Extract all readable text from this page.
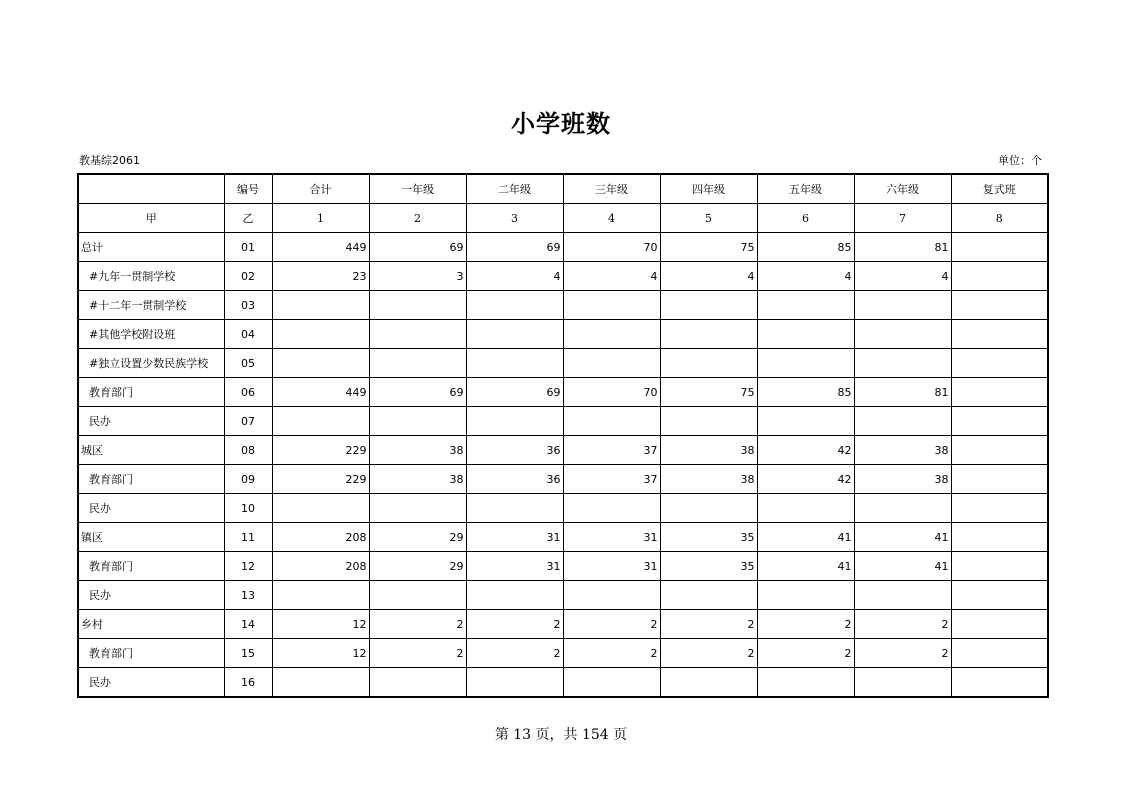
小学班数
教基综2061	单位：个
	编号	合计	一年级	二年级	三年级	四年级	五年级	六年级	复式班
甲	乙	1	2	3	4	5	6	7	8
总计	01	449	69	69	70	75	85	81	
#九年一贯制学校	02	23	3	4	4	4	4	4	
#十二年一贯制学校	03								
#其他学校附设班	04								
#独立设置少数民族学校	05								
教育部门	06	449	69	69	70	75	85	81	
民办	07								
城区	08	229	38	36	37	38	42	38	
教育部门	09	229	38	36	37	38	42	38	
民办	10								
镇区	11	208	29	31	31	35	41	41	
教育部门	12	208	29	31	31	35	41	41	
民办	13								
乡村	14	12	2	2	2	2	2	2	
教育部门	15	12	2	2	2	2	2	2	
民办	16								
第 13 页，共 154 页
